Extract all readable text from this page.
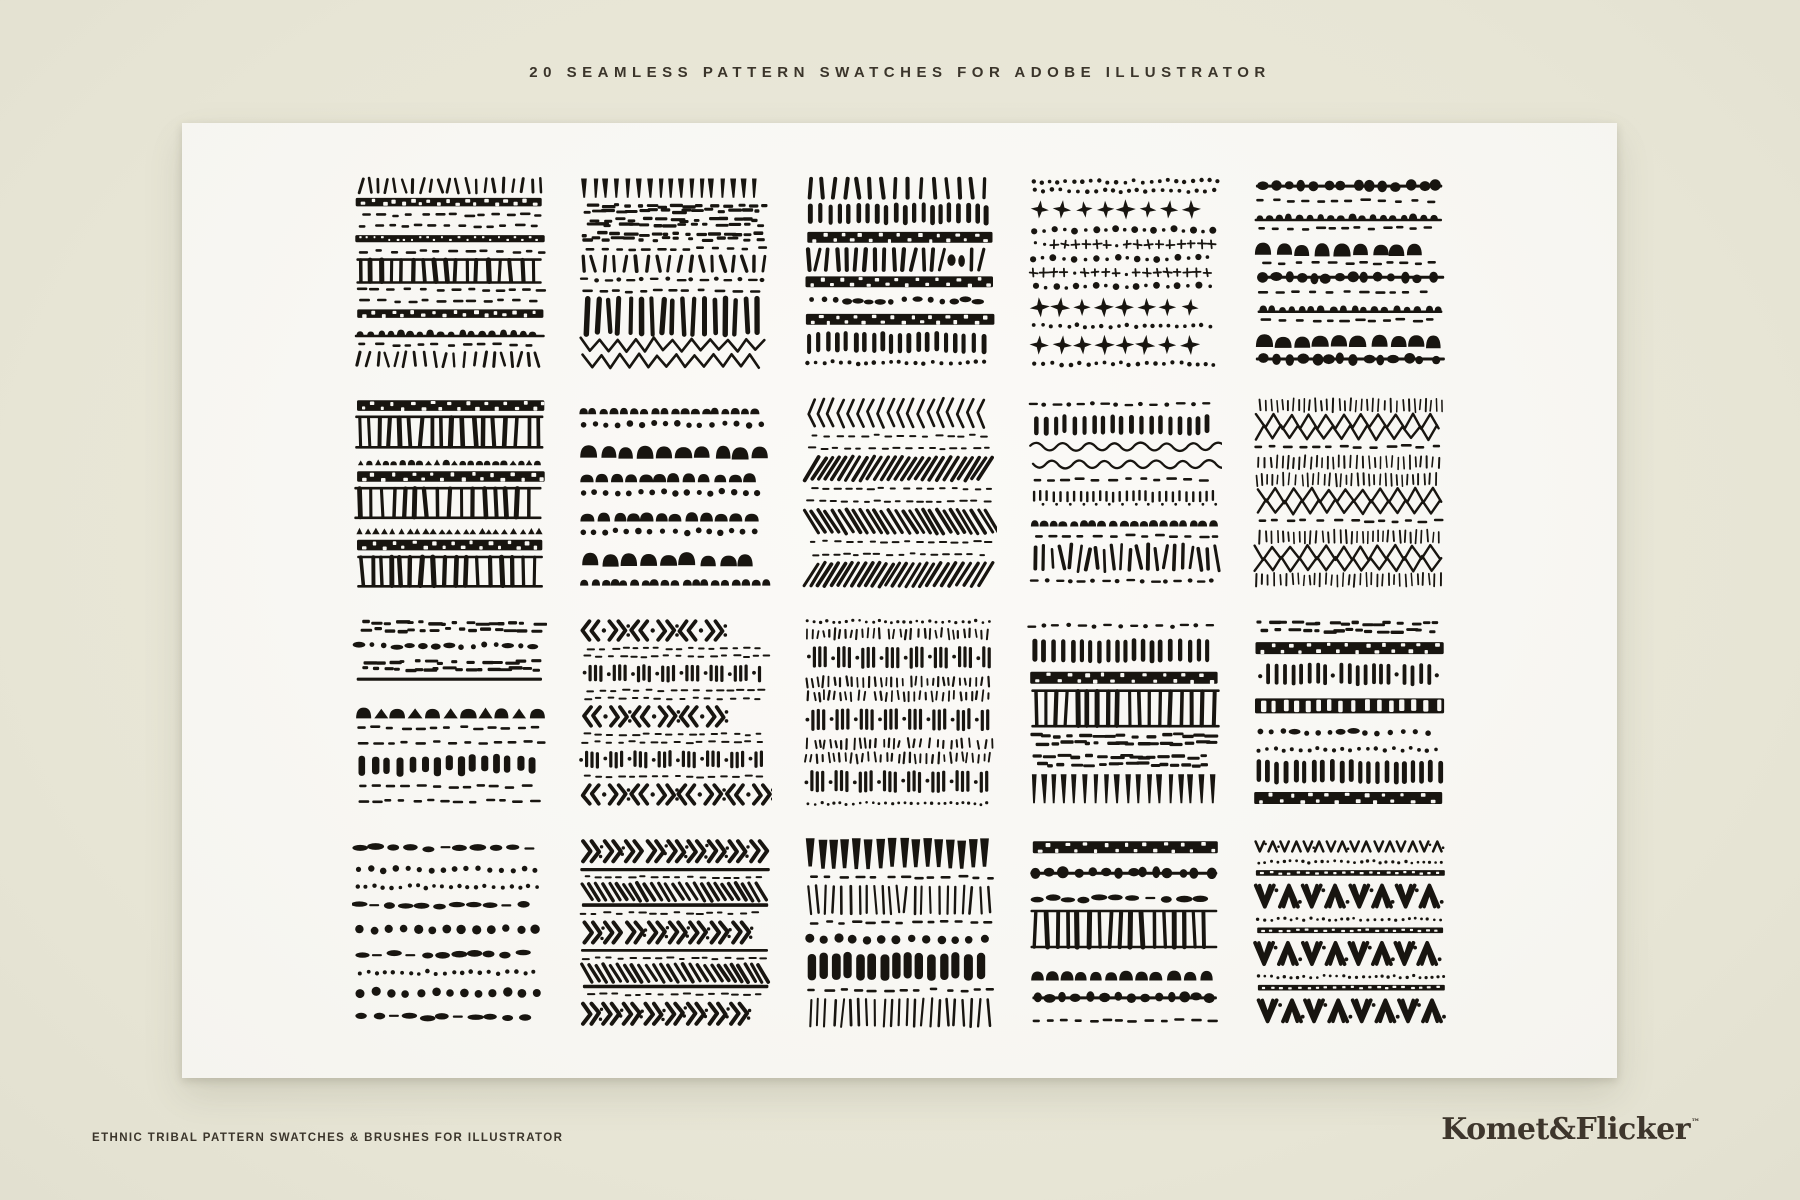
20 SEAMLESS PATTERN SWATCHES FOR ADOBE ILLUSTRATOR
ETHNIC TRIBAL PATTERN SWATCHES & BRUSHES FOR ILLUSTRATOR	Komet&Flicker™
